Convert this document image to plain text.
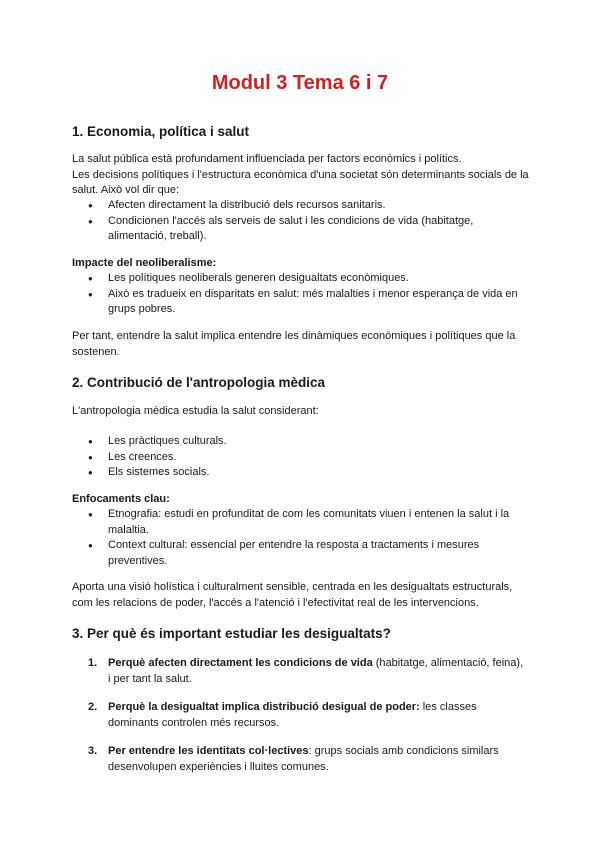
Modul 3 Tema 6 i 7
1. Economia, política i salut
La salut pública està profundament influenciada per factors econòmics i polítics.
Les decisions polítiques i l'estructura econòmica d'una societat són determinants socials de la salut. Això vol dir que:
● Afecten directament la distribució dels recursos sanitaris.
● Condicionen l'accés als serveis de salut i les condicions de vida (habitatge, alimentació, treball).
Impacte del neoliberalisme:
● Les polítiques neoliberals generen desigualtats econòmiques.
● Això es tradueix en disparitats en salut: més malalties i menor esperança de vida en grups pobres.
Per tant, entendre la salut implica entendre les dinàmiques econòmiques i polítiques que la sostenen.
2. Contribució de l'antropologia mèdica
L'antropologia mèdica estudia la salut considerant:
● Les pràctiques culturals.
● Les creences.
● Els sistemes socials.
Enfocaments clau:
● Etnografia: estudi en profunditat de com les comunitats viuen i entenen la salut i la malaltia.
● Context cultural: essencial per entendre la resposta a tractaments i mesures preventives.
Aporta una visió holística i culturalment sensible, centrada en les desigualtats estructurals, com les relacions de poder, l'accés a l'atenció i l'efectivitat real de les intervencions.
3. Per què és important estudiar les desigualtats?
1. Perquè afecten directament les condicions de vida (habitatge, alimentació, feina), i per tant la salut.
2. Perquè la desigualtat implica distribució desigual de poder: les classes dominants controlen més recursos.
3. Per entendre les identitats col·lectives: grups socials amb condicions similars desenvolupen experiències i lluites comunes.
